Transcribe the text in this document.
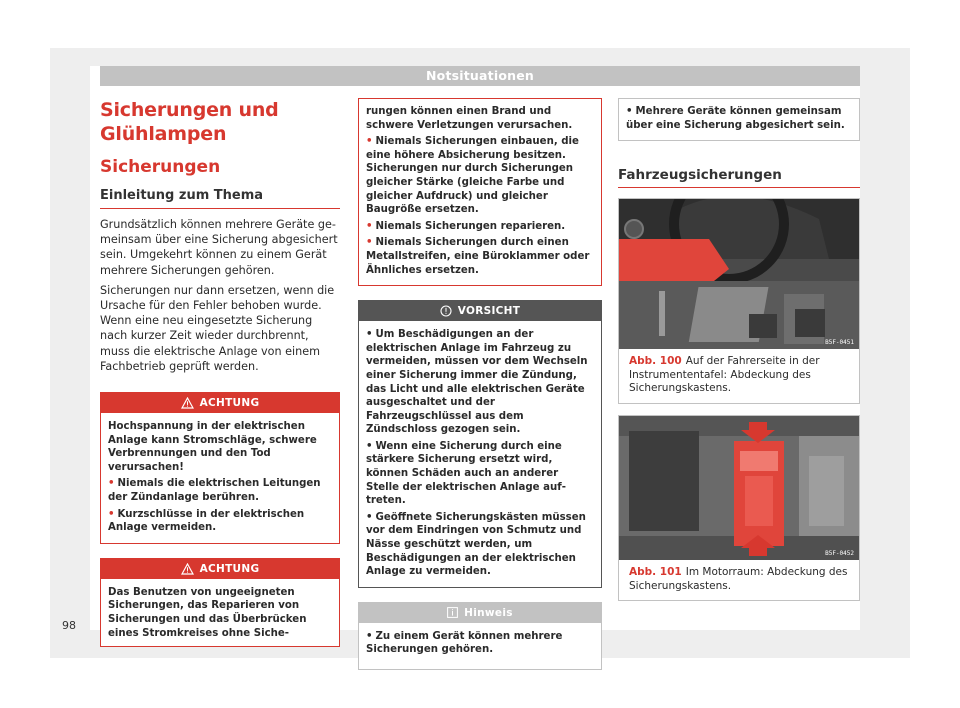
Notsituationen
Sicherungen und Glühlampen
Sicherungen
Einleitung zum Thema

Grundsätzlich können mehrere Geräte gemeinsam über eine Sicherung abgesichert sein. Umgekehrt können zu einem Gerät mehrere Sicherungen gehören.

Sicherungen nur dann ersetzen, wenn die Ursache für den Fehler behoben wurde. Wenn eine neu eingesetzte Sicherung nach kurzer Zeit wieder durchbrennt, muss die elektrische Anlage von einem Fachbetrieb geprüft werden.

ACHTUNG
Hochspannung in der elektrischen Anlage kann Stromschläge, schwere Verbrennungen und den Tod verursachen!
• Niemals die elektrischen Leitungen der Zündanlage berühren.
• Kurzschlüsse in der elektrischen Anlage vermeiden.
ACHTUNG
Das Benutzen von ungeeigneten Sicherungen, das Reparieren von Sicherungen und das Überbrücken eines Stromkreises ohne Siche-
rungen können einen Brand und schwere Verletzungen verursachen.
• Niemals Sicherungen einbauen, die eine höhere Absicherung besitzen. Sicherungen nur durch Sicherungen gleicher Stärke (gleiche Farbe und gleicher Aufdruck) und gleicher Baugröße ersetzen.
• Niemals Sicherungen reparieren.
• Niemals Sicherungen durch einen Metallstreifen, eine Büroklammer oder Ähnliches ersetzen.
VORSICHT
• Um Beschädigungen an der elektrischen Anlage im Fahrzeug zu vermeiden, müssen vor dem Wechseln einer Sicherung immer die Zündung, das Licht und alle elektrischen Geräte ausgeschaltet und der Fahrzeugschlüssel aus dem Zündschloss gezogen sein.
• Wenn eine Sicherung durch eine stärkere Sicherung ersetzt wird, können Schäden auch an anderer Stelle der elektrischen Anlage auftreten.
• Geöffnete Sicherungskästen müssen vor dem Eindringen von Schmutz und Nässe geschützt werden, um Beschädigungen an der elektrischen Anlage zu vermeiden.
Hinweis
• Zu einem Gerät können mehrere Sicherungen gehören.
• Mehrere Geräte können gemeinsam über eine Sicherung abgesichert sein.
Fahrzeugsicherungen
B5F-0451
Abb. 100 Auf der Fahrerseite in der Instrumententafel: Abdeckung des Sicherungskastens.
B5F-0452
Abb. 101 Im Motorraum: Abdeckung des Sicherungskastens.
98
